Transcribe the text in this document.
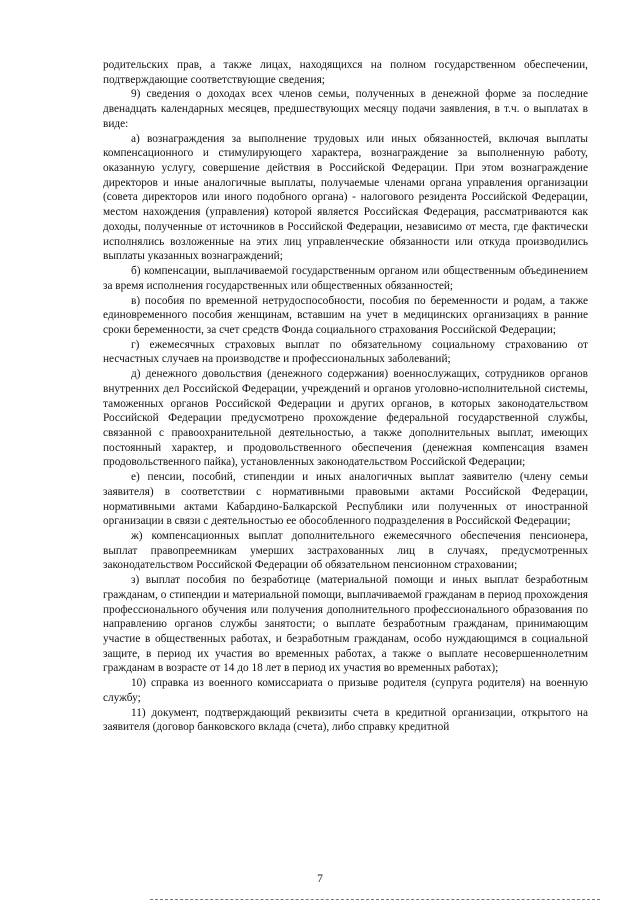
родительских прав, а также лицах, находящихся на полном государственном обеспечении, подтверждающие соответствующие сведения;

9) сведения о доходах всех членов семьи, полученных в денежной форме за последние двенадцать календарных месяцев, предшествующих месяцу подачи заявления, в т.ч. о выплатах в виде:

а) вознаграждения за выполнение трудовых или иных обязанностей, включая выплаты компенсационного и стимулирующего характера, вознаграждение за выполненную работу, оказанную услугу, совершение действия в Российской Федерации. При этом вознаграждение директоров и иные аналогичные выплаты, получаемые членами органа управления организации (совета директоров или иного подобного органа) - налогового резидента Российской Федерации, местом нахождения (управления) которой является Российская Федерация, рассматриваются как доходы, полученные от источников в Российской Федерации, независимо от места, где фактически исполнялись возложенные на этих лиц управленческие обязанности или откуда производились выплаты указанных вознаграждений;

б) компенсации, выплачиваемой государственным органом или общественным объединением за время исполнения государственных или общественных обязанностей;

в) пособия по временной нетрудоспособности, пособия по беременности и родам, а также единовременного пособия женщинам, вставшим на учет в медицинских организациях в ранние сроки беременности, за счет средств Фонда социального страхования Российской Федерации;

г) ежемесячных страховых выплат по обязательному социальному страхованию от несчастных случаев на производстве и профессиональных заболеваний;

д) денежного довольствия (денежного содержания) военнослужащих, сотрудников органов внутренних дел Российской Федерации, учреждений и органов уголовно-исполнительной системы, таможенных органов Российской Федерации и других органов, в которых законодательством Российской Федерации предусмотрено прохождение федеральной государственной службы, связанной с правоохранительной деятельностью, а также дополнительных выплат, имеющих постоянный характер, и продовольственного обеспечения (денежная компенсация взамен продовольственного пайка), установленных законодательством Российской Федерации;

е) пенсии, пособий, стипендии и иных аналогичных выплат заявителю (члену семьи заявителя) в соответствии с нормативными правовыми актами Российской Федерации, нормативными актами Кабардино-Балкарской Республики или полученных от иностранной организации в связи с деятельностью ее обособленного подразделения в Российской Федерации;

ж) компенсационных выплат дополнительного ежемесячного обеспечения пенсионера, выплат правопреемникам умерших застрахованных лиц в случаях, предусмотренных законодательством Российской Федерации об обязательном пенсионном страховании;

з) выплат пособия по безработице (материальной помощи и иных выплат безработным гражданам, о стипендии и материальной помощи, выплачиваемой гражданам в период прохождения профессионального обучения или получения дополнительного профессионального образования по направлению органов службы занятости; о выплате безработным гражданам, принимающим участие в общественных работах, и безработным гражданам, особо нуждающимся в социальной защите, в период их участия во временных работах, а также о выплате несовершеннолетним гражданам в возрасте от 14 до 18 лет в период их участия во временных работах);

10) справка из военного комиссариата о призыве родителя (супруга родителя) на военную службу;

11) документ, подтверждающий реквизиты счета в кредитной организации, открытого на заявителя (договор банковского вклада (счета), либо справку кредитной

7
